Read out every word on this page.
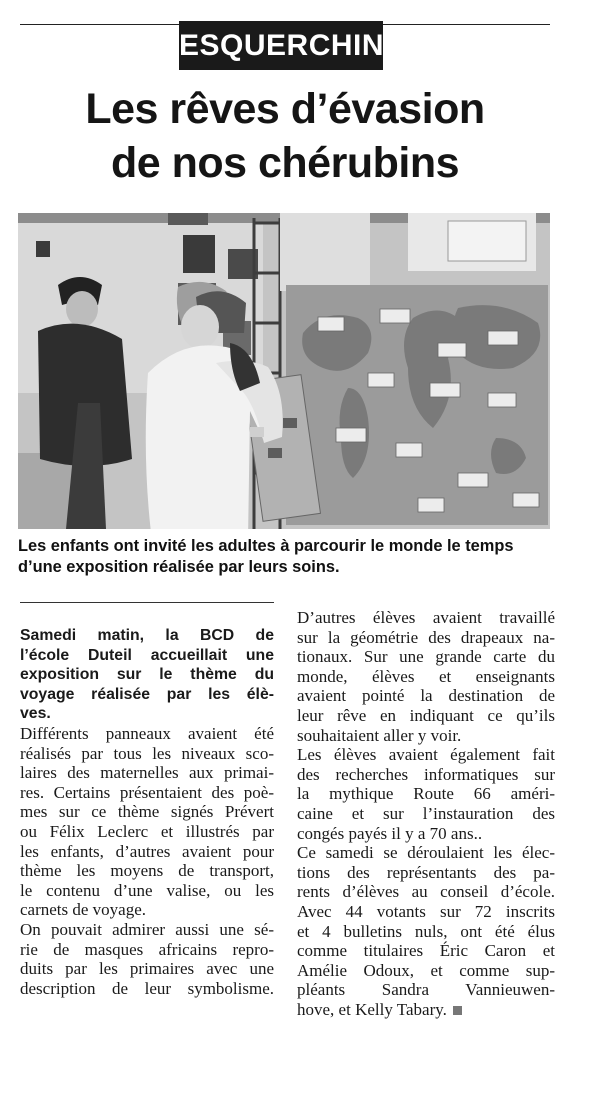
ESQUERCHIN
Les rêves d’évasion
de nos chérubins

Les enfants ont invité les adultes à parcourir le monde le temps
d’une exposition réalisée par leurs soins.

Samedi matin, la BCD de
l’école Duteil accueillait une
exposition sur le thème du
voyage réalisée par les élè-
ves.
Différents panneaux avaient été
réalisés par tous les niveaux sco-
laires des maternelles aux primai-
res. Certains présentaient des poè-
mes sur ce thème signés Prévert
ou Félix Leclerc et illustrés par
les enfants, d’autres avaient pour
thème les moyens de transport,
le contenu d’une valise, ou les
carnets de voyage.
On pouvait admirer aussi une sé-
rie de masques africains repro-
duits par les primaires avec une
description de leur symbolisme.
D’autres élèves avaient travaillé
sur la géométrie des drapeaux na-
tionaux. Sur une grande carte du
monde, élèves et enseignants
avaient pointé la destination de
leur rêve en indiquant ce qu’ils
souhaitaient aller y voir.
Les élèves avaient également fait
des recherches informatiques sur
la mythique Route 66 améri-
caine et sur l’instauration des
congés payés il y a 70 ans..
Ce samedi se déroulaient les élec-
tions des représentants des pa-
rents d’élèves au conseil d’école.
Avec 44 votants sur 72 inscrits
et 4 bulletins nuls, ont été élus
comme titulaires Éric Caron et
Amélie Odoux, et comme sup-
pléants Sandra Vannieuwen-
hove, et Kelly Tabary.
